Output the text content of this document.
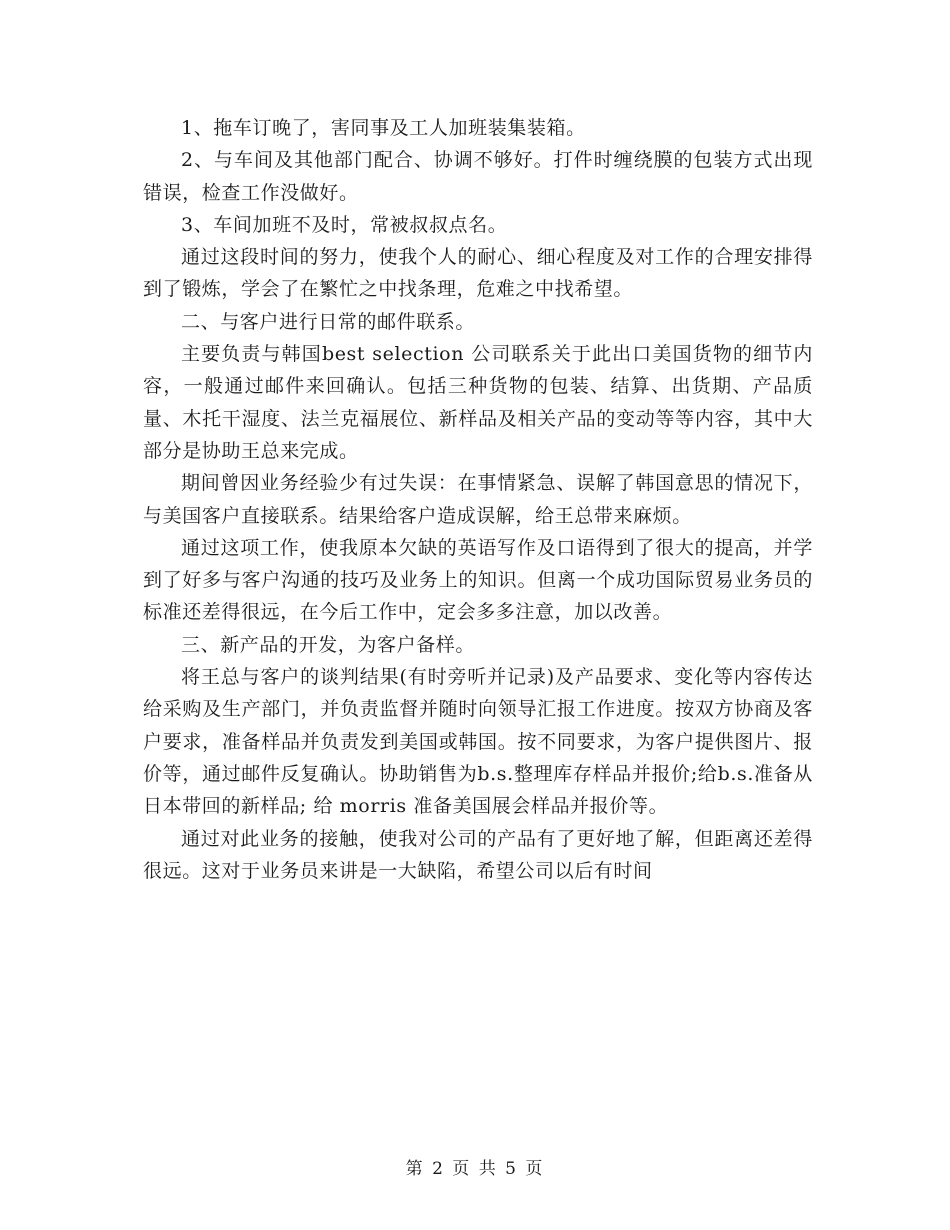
1、拖车订晚了，害同事及工人加班装集装箱。

2、与车间及其他部门配合、协调不够好。打件时缠绕膜的包装方式出现错误，检查工作没做好。

3、车间加班不及时，常被叔叔点名。

通过这段时间的努力，使我个人的耐心、细心程度及对工作的合理安排得到了锻炼，学会了在繁忙之中找条理，危难之中找希望。

二、与客户进行日常的邮件联系。

主要负责与韩国best selection 公司联系关于此出口美国货物的细节内容，一般通过邮件来回确认。包括三种货物的包装、结算、出货期、产品质量、木托干湿度、法兰克福展位、新样品及相关产品的变动等等内容，其中大部分是协助王总来完成。

期间曾因业务经验少有过失误：在事情紧急、误解了韩国意思的情况下，与美国客户直接联系。结果给客户造成误解，给王总带来麻烦。

通过这项工作，使我原本欠缺的英语写作及口语得到了很大的提高，并学到了好多与客户沟通的技巧及业务上的知识。但离一个成功国际贸易业务员的标准还差得很远，在今后工作中，定会多多注意，加以改善。

三、新产品的开发，为客户备样。

将王总与客户的谈判结果(有时旁听并记录)及产品要求、变化等内容传达给采购及生产部门，并负责监督并随时向领导汇报工作进度。按双方协商及客户要求，准备样品并负责发到美国或韩国。按不同要求，为客户提供图片、报价等，通过邮件反复确认。协助销售为b.s.整理库存样品并报价;给b.s.准备从日本带回的新样品; 给 morris 准备美国展会样品并报价等。

通过对此业务的接触，使我对公司的产品有了更好地了解，但距离还差得很远。这对于业务员来讲是一大缺陷，希望公司以后有时间

第 2 页 共 5 页
